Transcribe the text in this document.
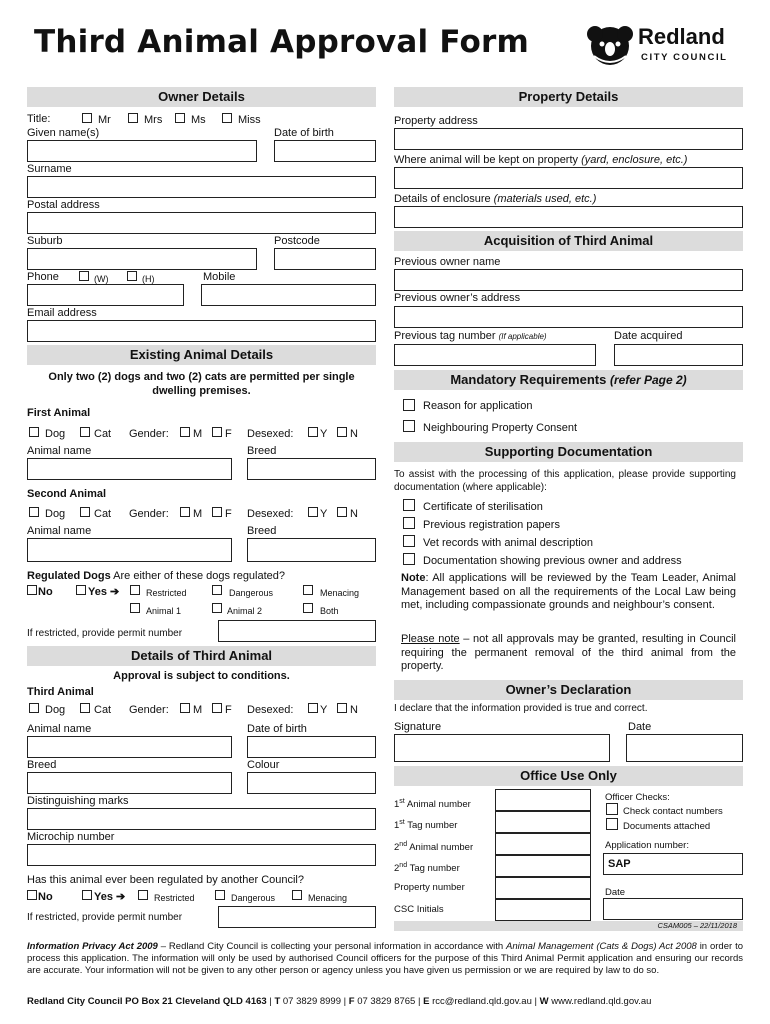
Third Animal Approval Form	Redland
CITY COUNCIL
Owner Details
Title:	Mr	Mrs	Ms	Miss
Given name(s)	Date of birth
Surname
Postal address
Suburb	Postcode
Phone	(W)	(H)	Mobile
Email address
Existing Animal Details
Only two (2) dogs and two (2) cats are permitted per single dwelling premises.
First Animal
Dog	Cat Gender: M F Desexed: Y N
Animal name	Breed
Second Animal
Dog	Cat Gender: M F Desexed: Y N
Animal name	Breed
Regulated Dogs Are either of these dogs regulated?
No	Yes ➔	Restricted	Dangerous	Menacing
Animal 1	Animal 2	Both
If restricted, provide permit number
Details of Third Animal
Approval is subject to conditions.
Third Animal
Dog	Cat Gender: M F Desexed: Y N
Animal name	Date of birth
Breed	Colour
Distinguishing marks
Microchip number
Has this animal ever been regulated by another Council?
No	Yes ➔	Restricted	Dangerous	Menacing
If restricted, provide permit number
Property Details
Property address
Where animal will be kept on property (yard, enclosure, etc.)
Details of enclosure (materials used, etc.)
Acquisition of Third Animal
Previous owner name
Previous owner’s address
Previous tag number (If applicable)	Date acquired
Mandatory Requirements (refer Page 2)
Reason for application
Neighbouring Property Consent
Supporting Documentation
To assist with the processing of this application, please provide supporting documentation (where applicable):
Certificate of sterilisation
Previous registration papers
Vet records with animal description
Documentation showing previous owner and address
Note: All applications will be reviewed by the Team Leader, Animal Management based on all the requirements of the Local Law being met, including compassionate grounds and neighbour’s consent.
Please note – not all approvals may be granted, resulting in Council requiring the permanent removal of the third animal from the property.
Owner’s Declaration
I declare that the information provided is true and correct.
Signature	Date
Office Use Only
1st Animal number
1st Tag number
2nd Animal number
2nd Tag number
Property number
CSC Initials
Officer Checks:
Check contact numbers
Documents attached
Application number:
SAP
Date
CSAM005 – 22/11/2018
Information Privacy Act 2009 – Redland City Council is collecting your personal information in accordance with Animal Management (Cats & Dogs) Act 2008 in order to process this application. The information will only be used by authorised Council officers for the purpose of this Third Animal Permit application and ensuring our records are accurate. Your information will not be given to any other person or agency unless you have given us permission or we are required by law to do so.
Redland City Council PO Box 21 Cleveland QLD 4163 | T 07 3829 8999 | F 07 3829 8765 | E rcc@redland.qld.gov.au | W www.redland.qld.gov.au
